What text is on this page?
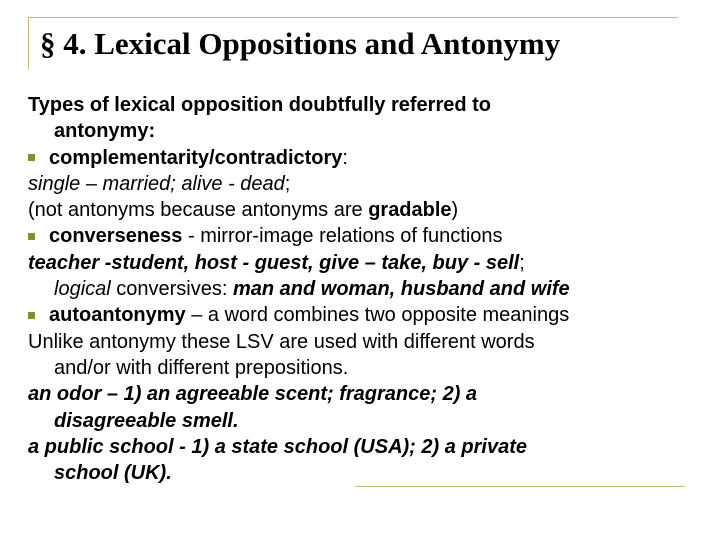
§ 4. Lexical Oppositions and Antonymy
Types of lexical opposition doubtfully referred to
antonymy:
complementarity/contradictory:
single – married; alive - dead;
(not antonyms because antonyms are gradable)
converseness - mirror-image relations of functions
teacher -student, host - guest, give – take, buy - sell;
logical conversives: man and woman, husband and wife
autoantonymy – a word combines two opposite meanings
Unlike antonymy these LSV are used with different words
and/or with different prepositions.
an odor – 1) an agreeable scent; fragrance; 2) a
disagreeable smell.
a public school - 1) a state school (USA); 2) a private
school (UK).
